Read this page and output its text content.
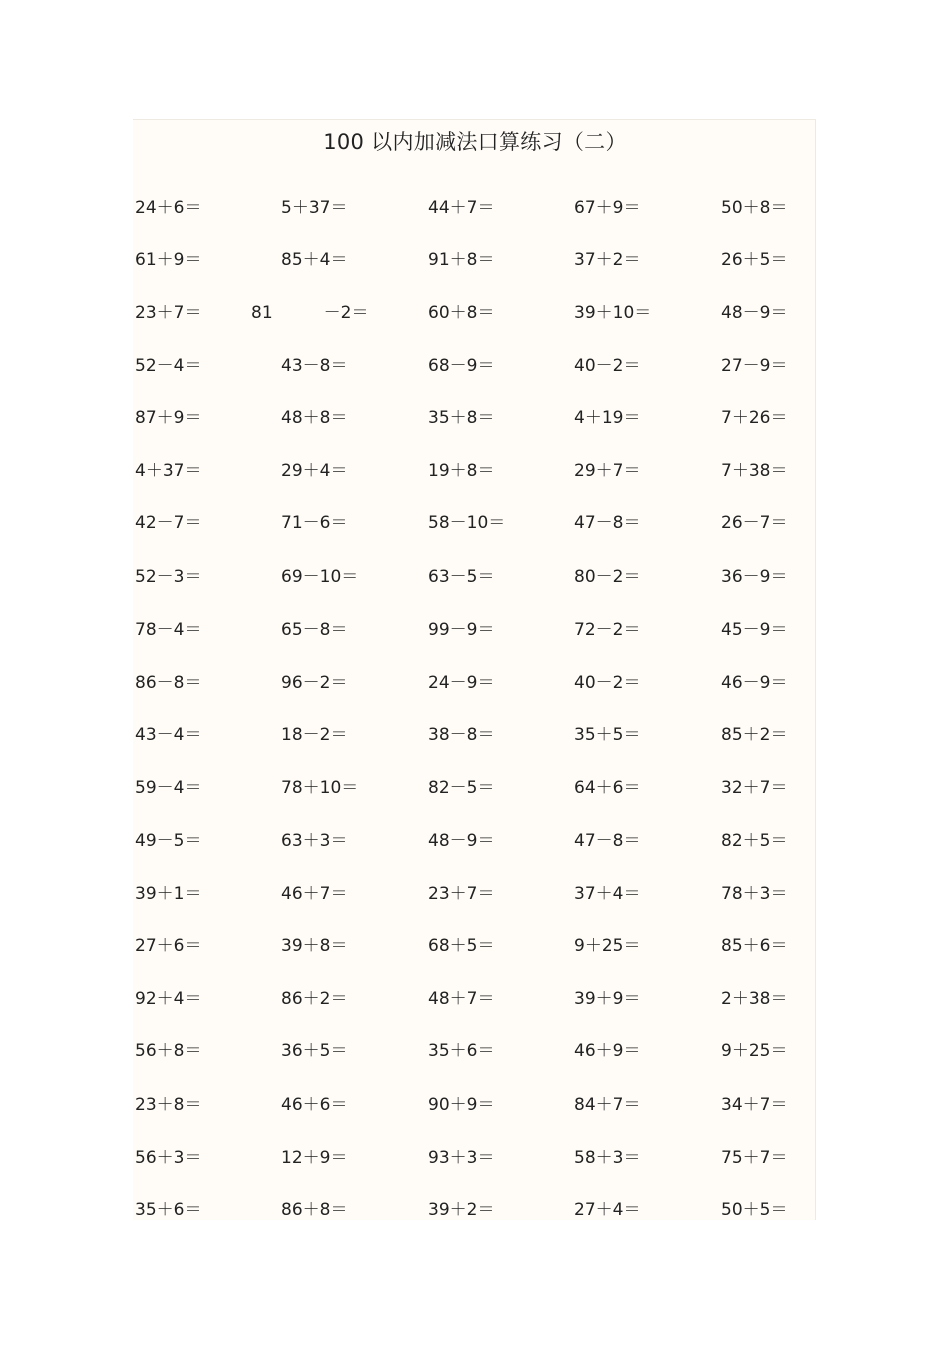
100 以内加减法口算练习（二）
24＋6＝	5＋37＝	44＋7＝	67＋9＝	50＋8＝
61＋9＝	85＋4＝	91＋8＝	37＋2＝	26＋5＝
23＋7＝	81　　　－2＝	60＋8＝	39＋10＝	48－9＝
52－4＝	43－8＝	68－9＝	40－2＝	27－9＝
87＋9＝	48＋8＝	35＋8＝	4＋19＝	7＋26＝
4＋37＝	29＋4＝	19＋8＝	29＋7＝	7＋38＝
42－7＝	71－6＝	58－10＝	47－8＝	26－7＝
52－3＝	69－10＝	63－5＝	80－2＝	36－9＝
78－4＝	65－8＝	99－9＝	72－2＝	45－9＝
86－8＝	96－2＝	24－9＝	40－2＝	46－9＝
43－4＝	18－2＝	38－8＝	35＋5＝	85＋2＝
59－4＝	78＋10＝	82－5＝	64＋6＝	32＋7＝
49－5＝	63＋3＝	48－9＝	47－8＝	82＋5＝
39＋1＝	46＋7＝	23＋7＝	37＋4＝	78＋3＝
27＋6＝	39＋8＝	68＋5＝	9＋25＝	85＋6＝
92＋4＝	86＋2＝	48＋7＝	39＋9＝	2＋38＝
56＋8＝	36＋5＝	35＋6＝	46＋9＝	9＋25＝
23＋8＝	46＋6＝	90＋9＝	84＋7＝	34＋7＝
56＋3＝	12＋9＝	93＋3＝	58＋3＝	75＋7＝
35＋6＝	86＋8＝	39＋2＝	27＋4＝	50＋5＝
